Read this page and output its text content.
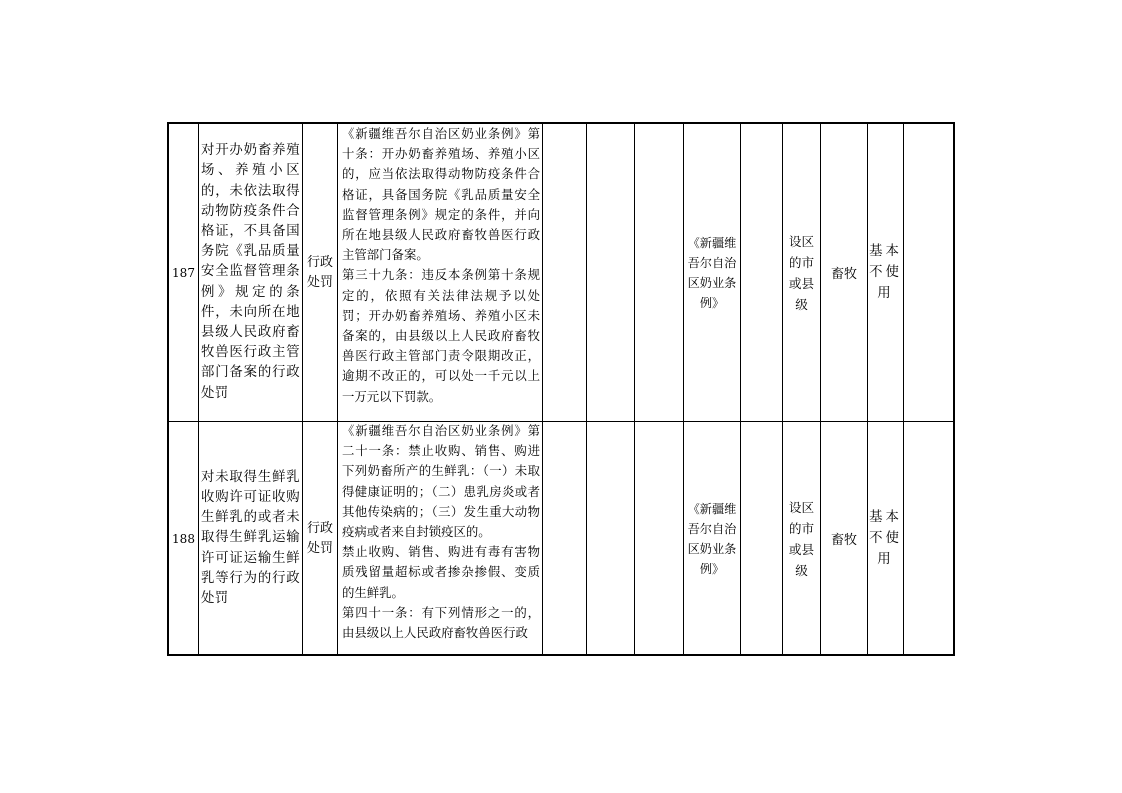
187
对开办奶畜养殖场、养殖小区的，未依法取得动物防疫条件合格证，不具备国务院《乳品质量安全监督管理条例》规定的条件，未向所在地县级人民政府畜牧兽医行政主管部门备案的行政处罚
行政处罚
《新疆维吾尔自治区奶业条例》第十条：开办奶畜养殖场、养殖小区的，应当依法取得动物防疫条件合格证，具备国务院《乳品质量安全监督管理条例》规定的条件，并向所在地县级人民政府畜牧兽医行政主管部门备案。
第三十九条：违反本条例第十条规定的，依照有关法律法规予以处罚；开办奶畜养殖场、养殖小区未备案的，由县级以上人民政府畜牧兽医行政主管部门责令限期改正，逾期不改正的，可以处一千元以上一万元以下罚款。
《新疆维吾尔自治区奶业条例》
设区的市或县级
畜牧
基本不使用
188
对未取得生鲜乳收购许可证收购生鲜乳的或者未取得生鲜乳运输许可证运输生鲜乳等行为的行政处罚
行政处罚
《新疆维吾尔自治区奶业条例》第二十一条：禁止收购、销售、购进下列奶畜所产的生鲜乳：（一）未取得健康证明的；（二）患乳房炎或者其他传染病的；（三）发生重大动物疫病或者来自封锁疫区的。
禁止收购、销售、购进有毒有害物质残留量超标或者掺杂掺假、变质的生鲜乳。
第四十一条：有下列情形之一的，由县级以上人民政府畜牧兽医行政
《新疆维吾尔自治区奶业条例》
设区的市或县级
畜牧
基本不使用
